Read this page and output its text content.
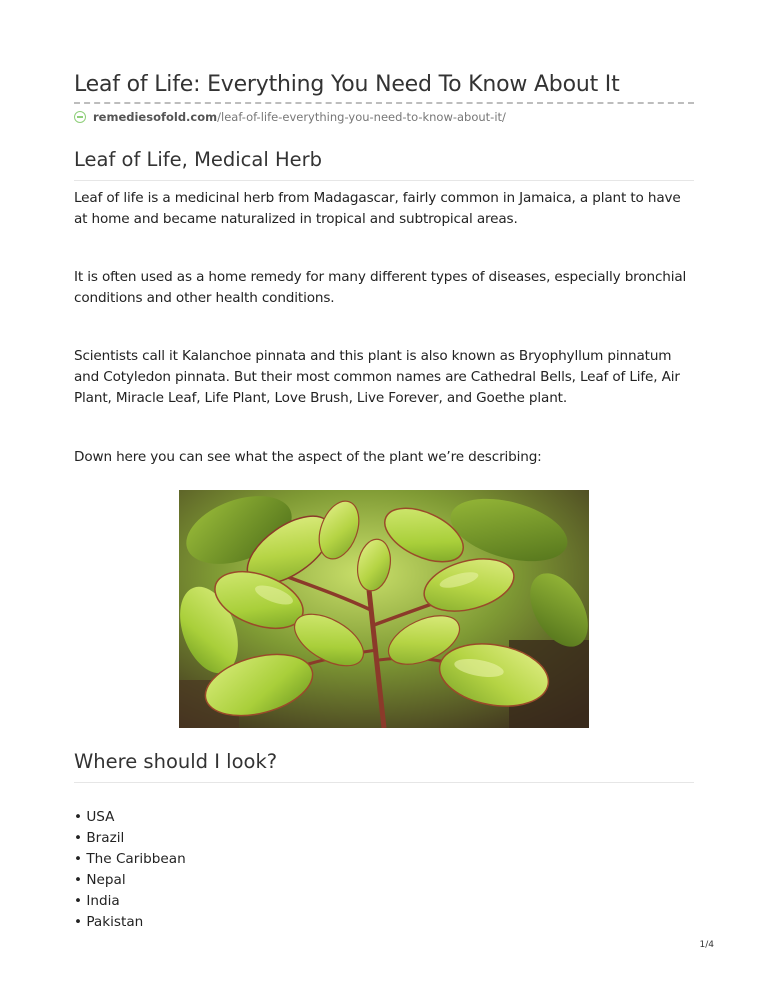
Leaf of Life: Everything You Need To Know About It
remediesofold.com /leaf-of-life-everything-you-need-to-know-about-it/
Leaf of Life, Medical Herb

Leaf of life is a medicinal herb from Madagascar, fairly common in Jamaica, a plant to have at home and became naturalized in tropical and subtropical areas.

It is often used as a home remedy for many different types of diseases, especially bronchial conditions and other health conditions.

Scientists call it Kalanchoe pinnata and this plant is also known as Bryophyllum pinnatum and Cotyledon pinnata. But their most common names are Cathedral Bells, Leaf of Life, Air Plant, Miracle Leaf, Life Plant, Love Brush, Live Forever, and Goethe plant.

Down here you can see what the aspect of the plant we’re describing:

Where should I look?
• USA
• Brazil
• The Caribbean
• Nepal
• India
• Pakistan
1/4
